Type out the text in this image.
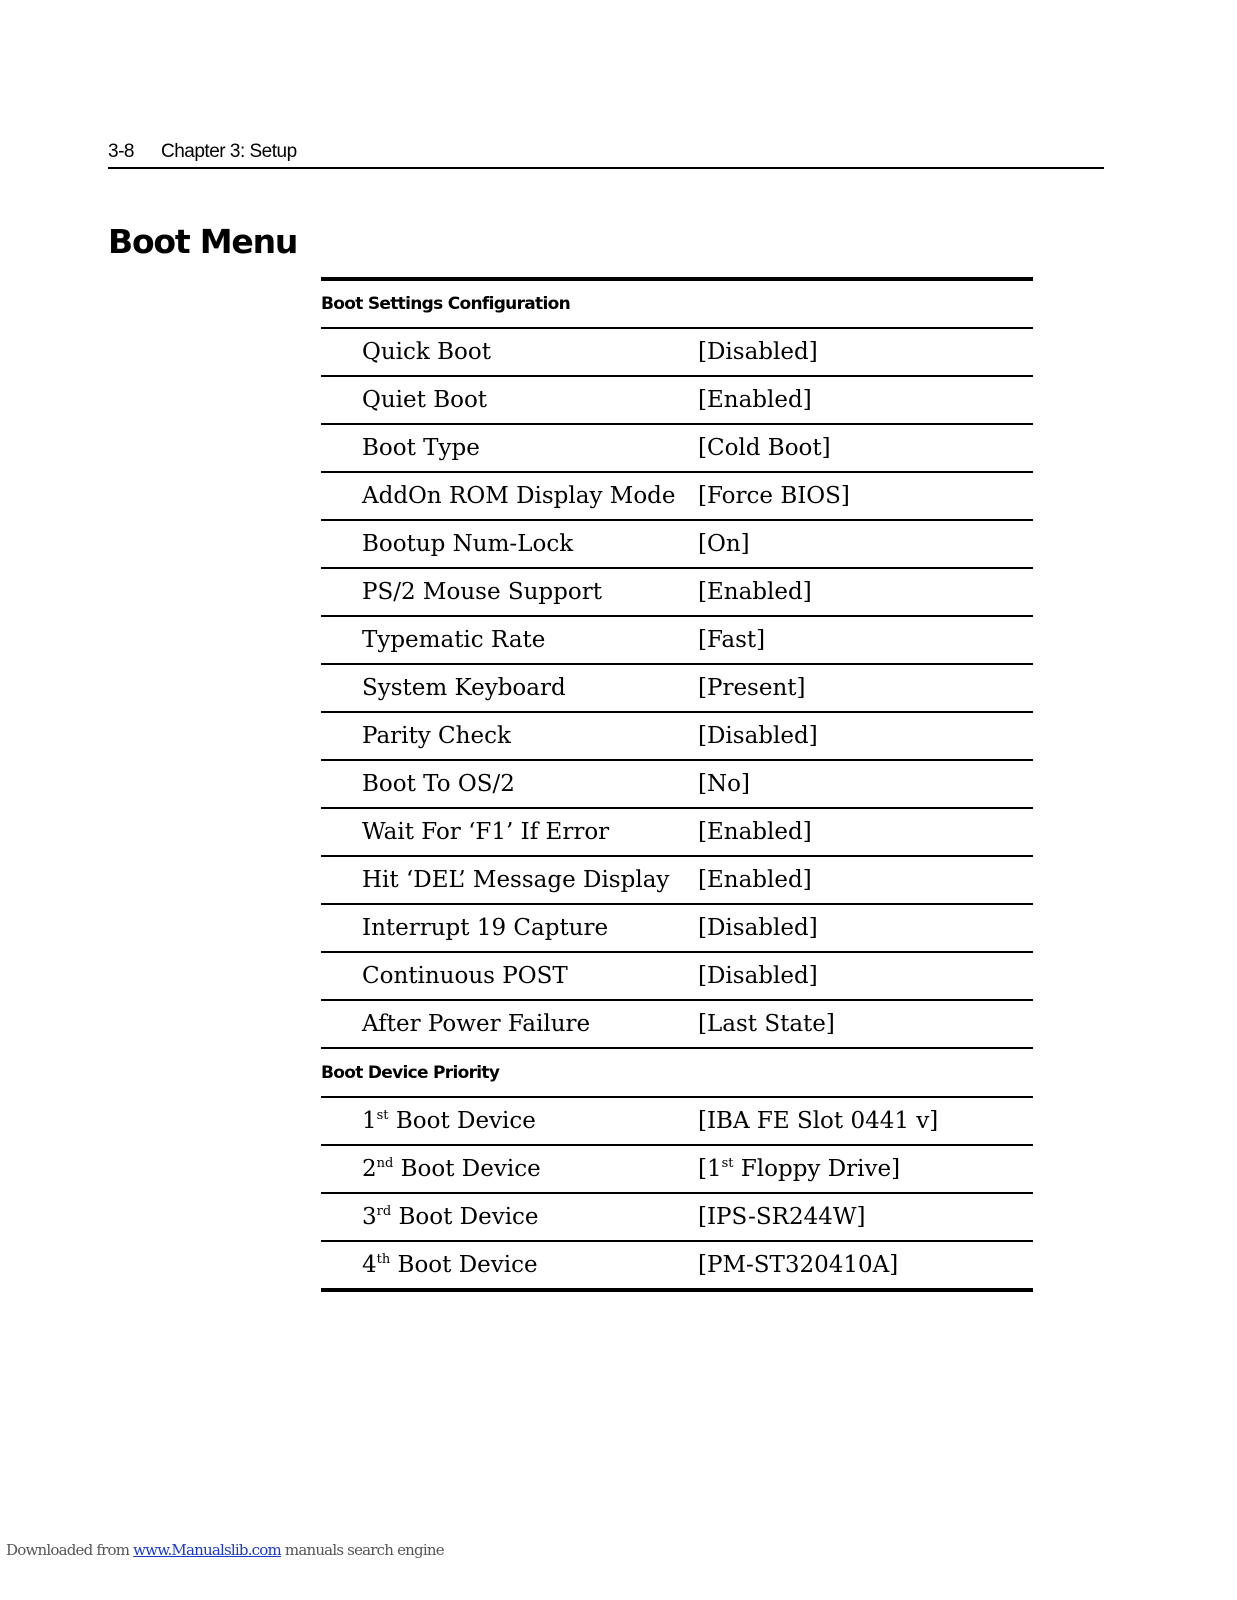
3-8 Chapter 3: Setup
Boot Menu
Boot Settings Configuration
Quick Boot	[Disabled]
Quiet Boot	[Enabled]
Boot Type	[Cold Boot]
AddOn ROM Display Mode [Force BIOS]
Bootup Num-Lock	[On]
PS/2 Mouse Support	[Enabled]
Typematic Rate	[Fast]
System Keyboard	[Present]
Parity Check	[Disabled]
Boot To OS/2	[No]
Wait For ‘F1’ If Error	[Enabled]
Hit ‘DEL’ Message Display	[Enabled]
Interrupt 19 Capture	[Disabled]
Continuous POST	[Disabled]
After Power Failure	[Last State]
Boot Device Priority
1st Boot Device	[IBA FE Slot 0441 v]
2nd Boot Device	[1st Floppy Drive]
3rd Boot Device	[IPS-SR244W]
4th Boot Device	[PM-ST320410A]
Downloaded from www.Manualslib.com manuals search engine
